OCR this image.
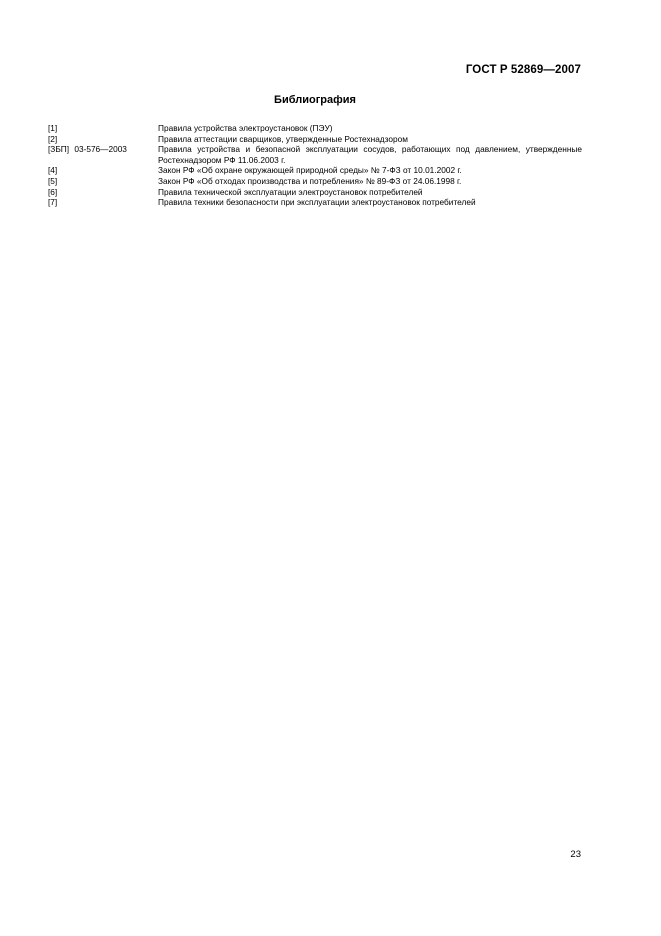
ГОСТ Р 52869—2007
Библиография
[1]	Правила устройства электроустановок (ПЭУ)
[2]	Правила аттестации сварщиков, утвержденные Ростехнадзором
[ЗБП] 03-576—2003	Правила устройства и безопасной эксплуатации сосудов, работающих под давлением, утвержденные Ростехнадзором РФ 11.06.2003 г.
[4]	Закон РФ «Об охране окружающей природной среды» № 7-ФЗ от 10.01.2002 г.
[5]	Закон РФ «Об отходах производства и потребления» № 89-ФЗ от 24.06.1998 г.
[6]	Правила технической эксплуатации электроустановок потребителей
[7]	Правила техники безопасности при эксплуатации электроустановок потребителей
23
